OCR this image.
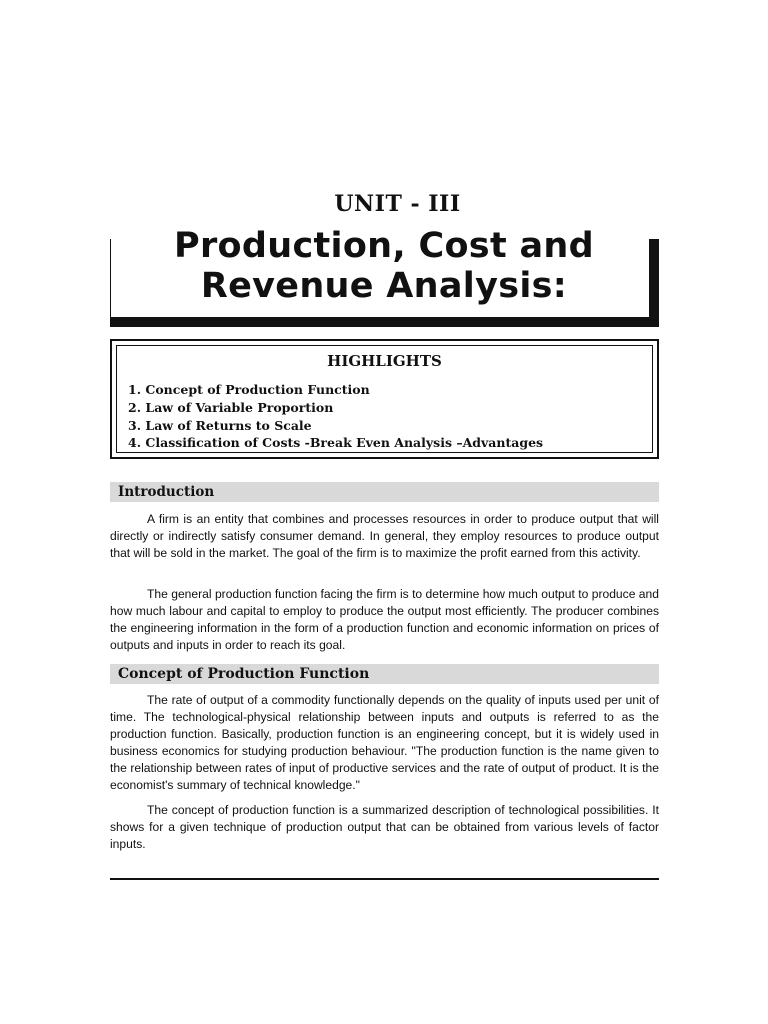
UNIT - III
Production, Cost and
Revenue Analysis:
HIGHLIGHTS
1. Concept of Production Function
2. Law of Variable Proportion
3. Law of Returns to Scale
4. Classification of Costs -Break Even Analysis –Advantages
Introduction

A firm is an entity that combines and processes resources in order to produce output that will directly or indirectly satisfy consumer demand. In general, they employ resources to produce output that will be sold in the market. The goal of the firm is to maximize the profit earned from this activity.

The general production function facing the firm is to determine how much output to produce and how much labour and capital to employ to produce the output most efficiently. The producer combines the engineering information in the form of a production function and economic information on prices of outputs and inputs in order to reach its goal.

Concept of Production Function

The rate of output of a commodity functionally depends on the quality of inputs used per unit of time. The technological-physical relationship between inputs and outputs is referred to as the production function. Basically, production function is an engineering concept, but it is widely used in business economics for studying production behaviour. "The production function is the name given to the relationship between rates of input of productive services and the rate of output of product. It is the economist's summary of technical knowledge."

The concept of production function is a summarized description of technological possibilities. It shows for a given technique of production output that can be obtained from various levels of factor inputs.
